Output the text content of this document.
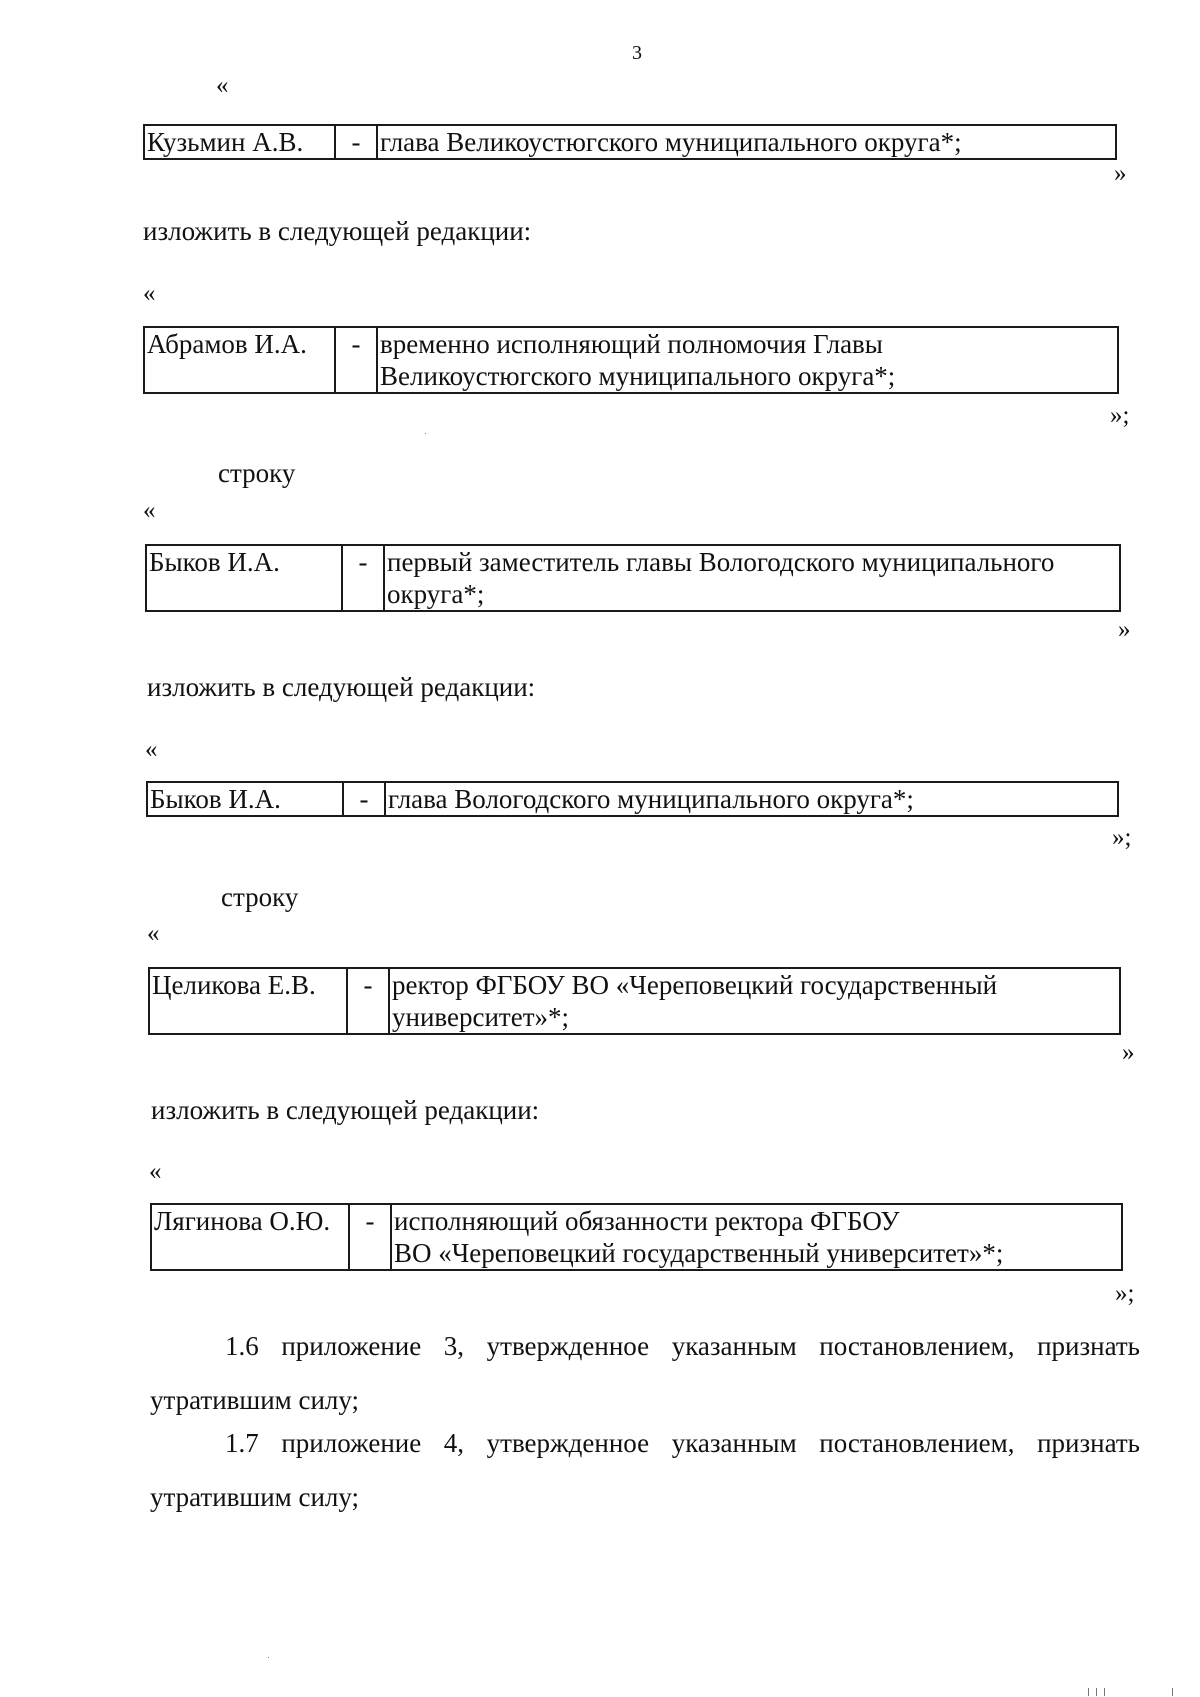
3
«
Кузьмин А.В.	-	глава Великоустюгского муниципального округа*;
»
изложить в следующей редакции:
«
Абрамов И.А.	-	временно исполняющий полномочия Главы
Великоустюгского муниципального округа*;
»;
строку
«
Быков И.А.	-	первый заместитель главы Вологодского муниципального
округа*;
»
изложить в следующей редакции:
«
Быков И.А.	-	глава Вологодского муниципального округа*;
»;
строку
«
Целикова Е.В.	-	ректор ФГБОУ ВО «Череповецкий государственный
университет»*;
»
изложить в следующей редакции:
«
Лягинова О.Ю.	-	исполняющий обязанности ректора ФГБОУ
ВО «Череповецкий государственный университет»*;
»;
1.6 приложение 3, утвержденное указанным постановлением, признать
утратившим силу;
1.7 приложение 4, утвержденное указанным постановлением, признать
утратившим силу;
